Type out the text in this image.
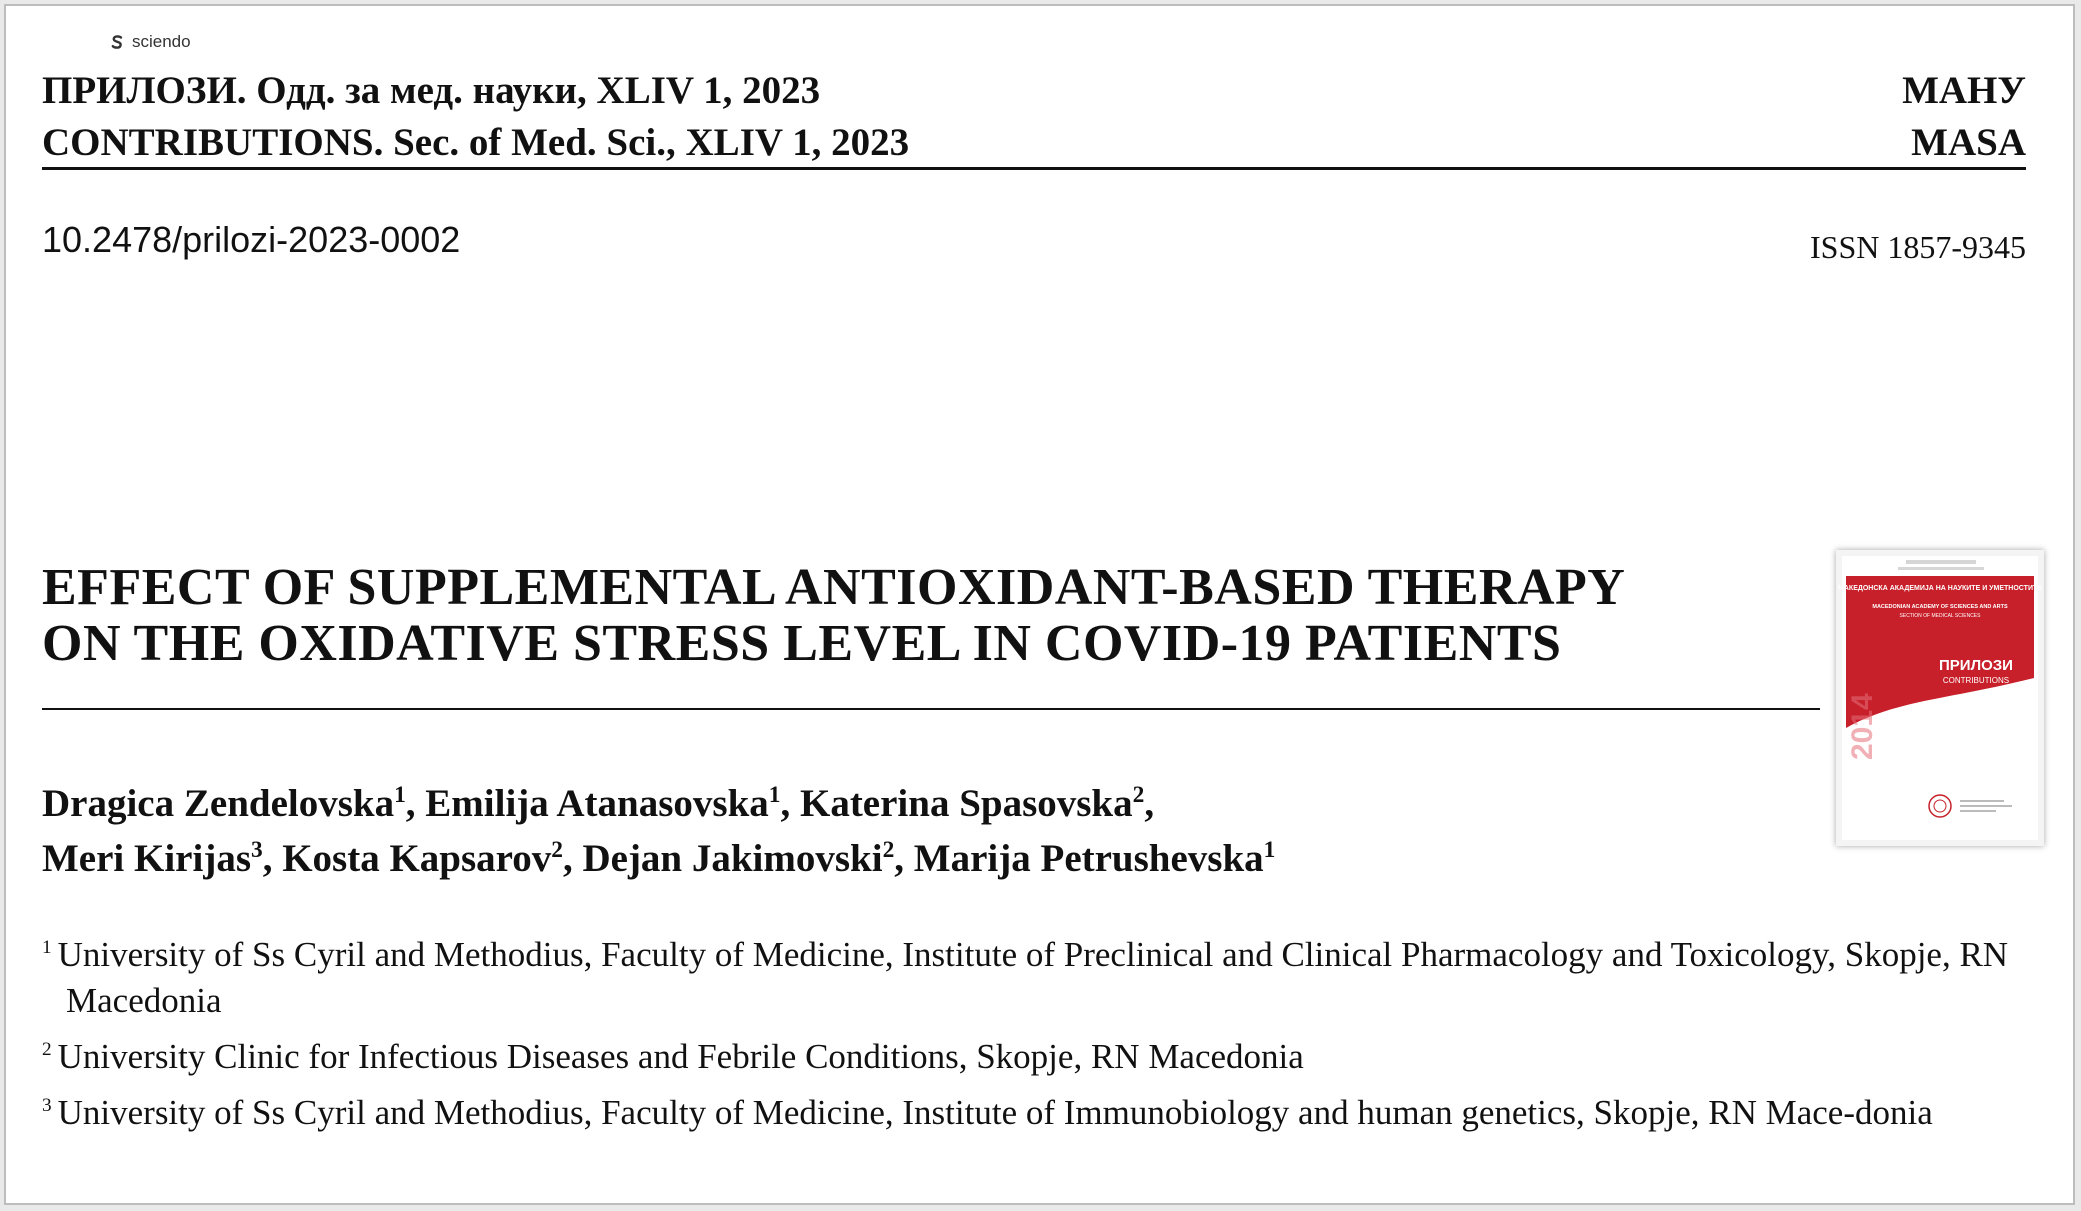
sciendo
ПРИЛОЗИ. Одд. за мед. науки, XLIV 1, 2023	МАНУ
CONTRIBUTIONS. Sec. of Med. Sci., XLIV 1, 2023	MASA
10.2478/prilozi-2023-0002	ISSN 1857-9345
EFFECT OF SUPPLEMENTAL ANTIOXIDANT-BASED THERAPY
ON THE OXIDATIVE STRESS LEVEL IN COVID-19 PATIENTS
Dragica Zendelovska$^1$, Emilija Atanasovska$^1$, Katerina Spasovska$^2$,
Meri Kirijas$^3$, Kosta Kapsarov$^2$, Dejan Jakimovski$^2$, Marija Petrushevska$^1$
$^1$ University of Ss Cyril and Methodius, Faculty of Medicine, Institute of Preclinical and Clinical Pharmacology and Toxicology, Skopje, RN Macedonia
$^2$ University Clinic for Infectious Diseases and Febrile Conditions, Skopje, RN Macedonia
$^3$ University of Ss Cyril and Methodius, Faculty of Medicine, Institute of Immunobiology and human genetics, Skopje, RN Mace-donia
МАКЕДОНСКА АКАДЕМИЈА НА НАУКИТЕ И УМЕТНОСТИТЕ
MACEDONIAN ACADEMY OF SCIENCES AND ARTS
SECTION OF MEDICAL SCIENCES
ПРИЛОЗИ
CONTRIBUTIONS
2014	XXXV
2
